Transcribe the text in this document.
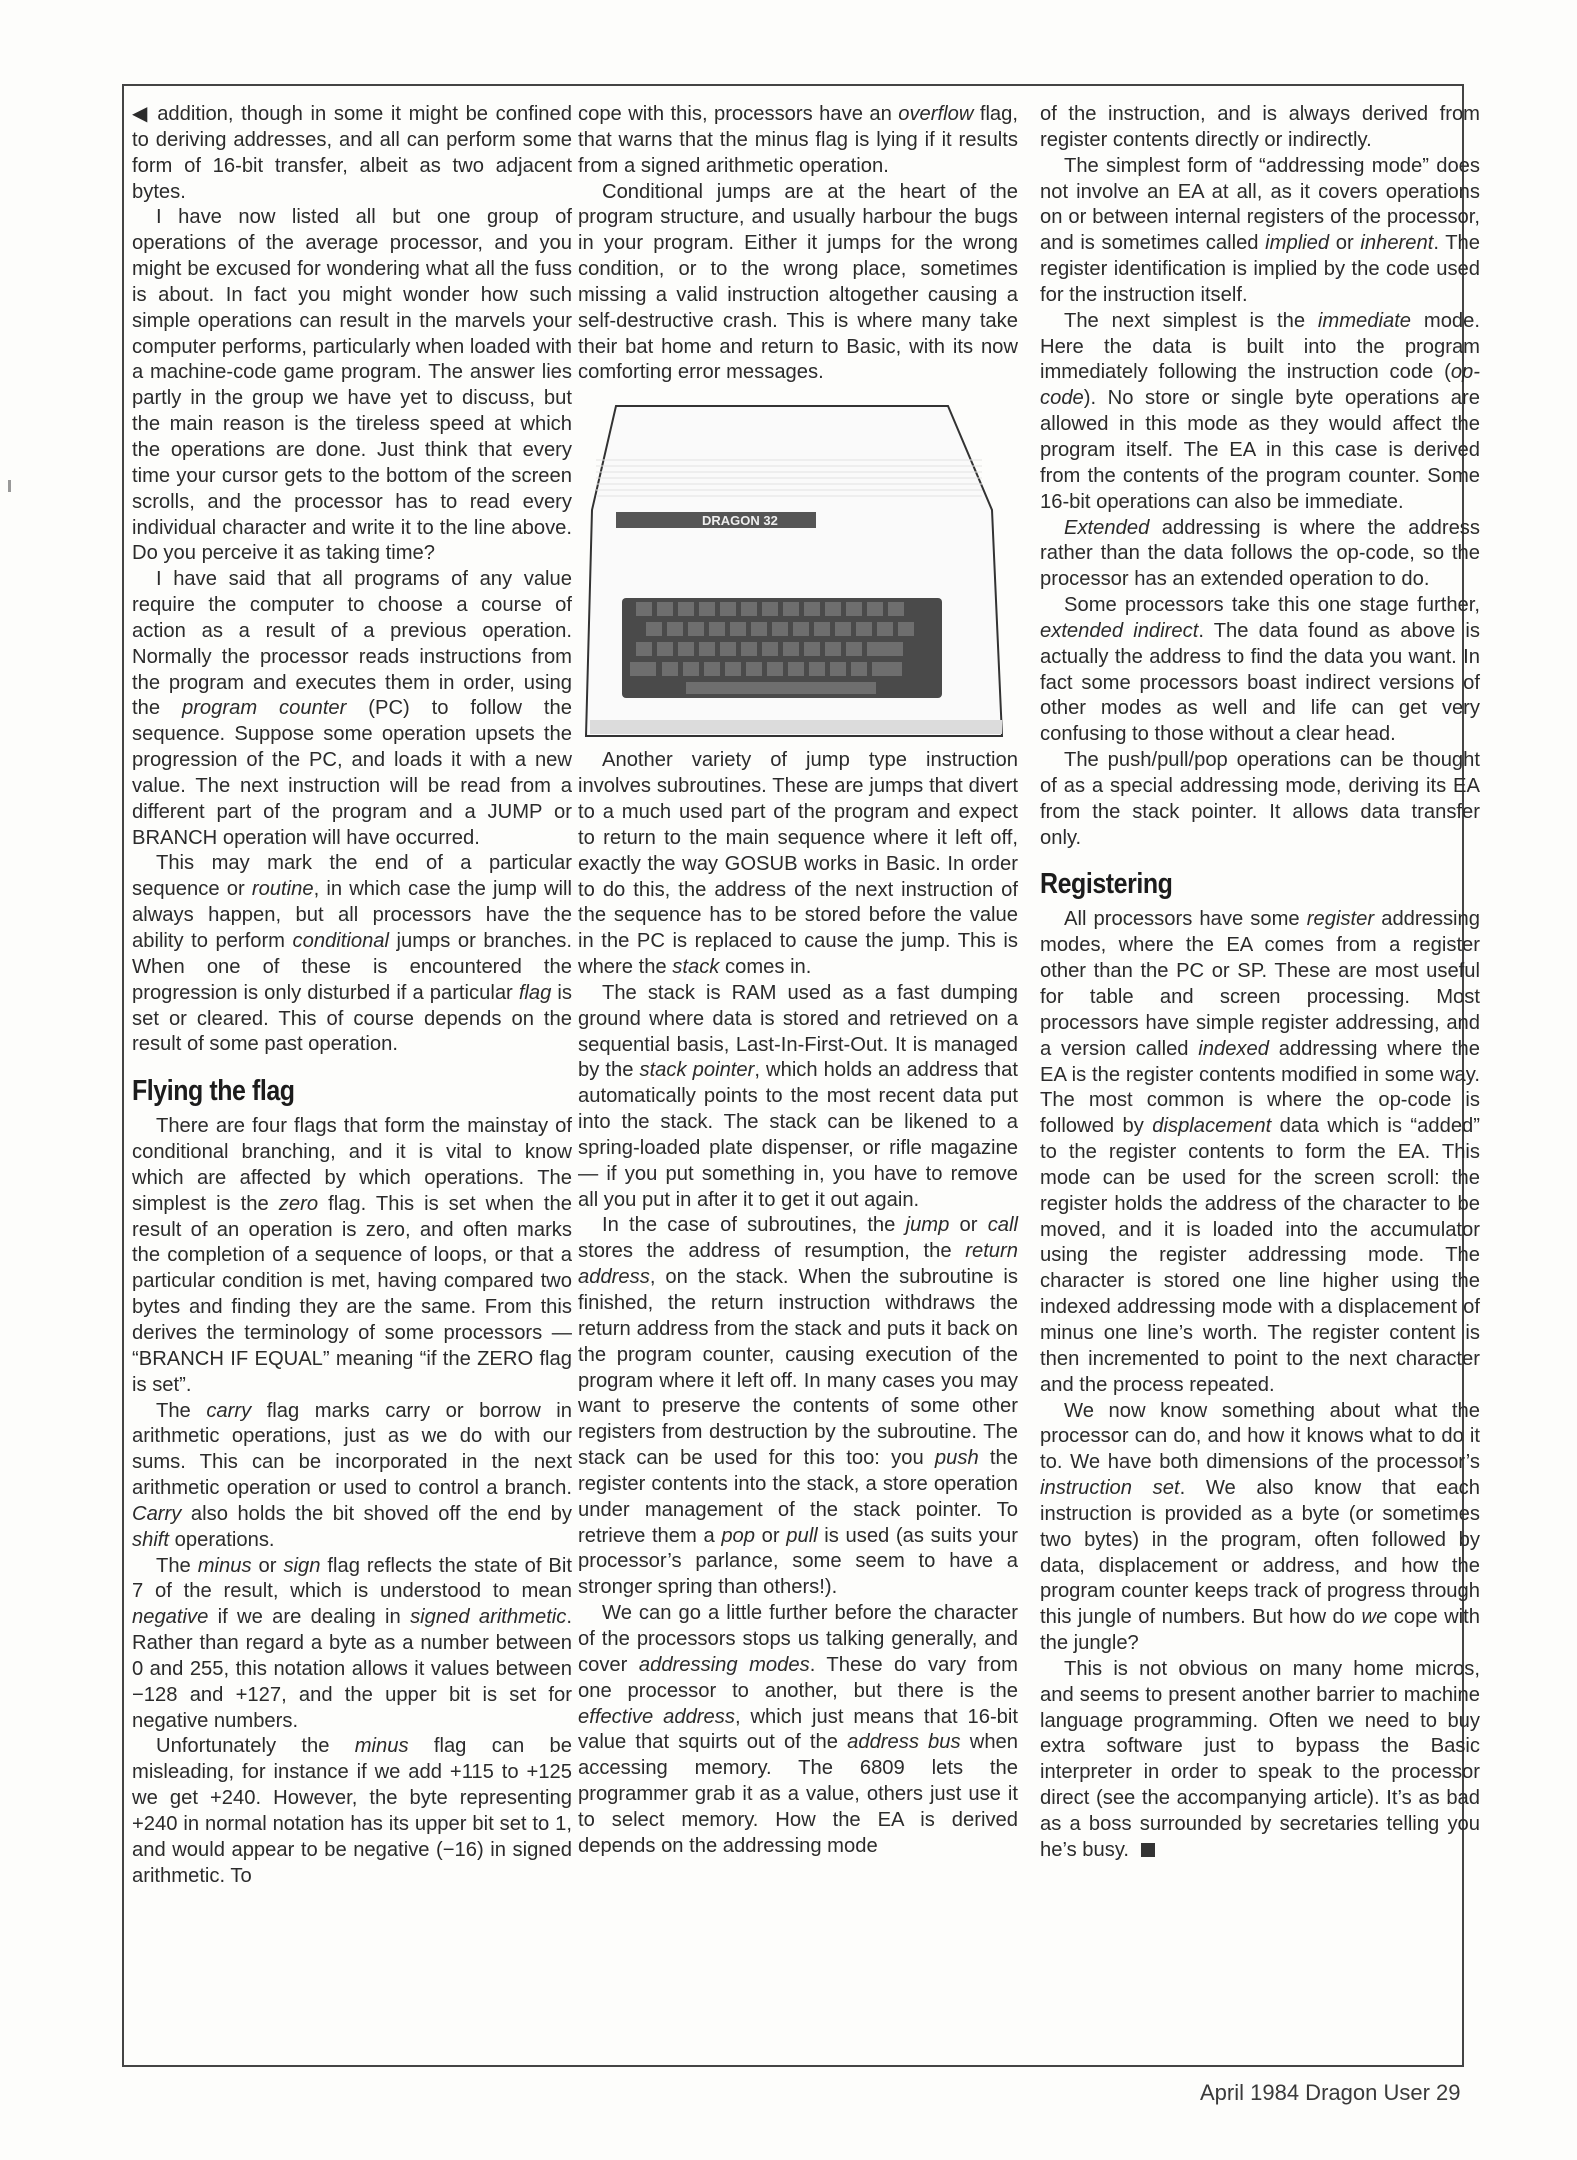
◀ addition, though in some it might be confined to deriving addresses, and all can perform some form of 16-bit transfer, albeit as two adjacent bytes.

I have now listed all but one group of operations of the average processor, and you might be excused for wondering what all the fuss is about. In fact you might wonder how such simple operations can result in the marvels your computer performs, particularly when loaded with a machine-code game program. The answer lies partly in the group we have yet to discuss, but the main reason is the tireless speed at which the operations are done. Just think that every time your cursor gets to the bottom of the screen scrolls, and the processor has to read every individual character and write it to the line above. Do you perceive it as taking time?

I have said that all programs of any value require the computer to choose a course of action as a result of a previous operation. Normally the processor reads instructions from the program and executes them in order, using the program counter (PC) to follow the sequence. Suppose some operation upsets the progression of the PC, and loads it with a new value. The next instruction will be read from a different part of the program and a JUMP or BRANCH operation will have occurred.

This may mark the end of a particular sequence or routine, in which case the jump will always happen, but all processors have the ability to perform conditional jumps or branches. When one of these is encountered the progression is only disturbed if a particular flag is set or cleared. This of course depends on the result of some past operation.

Flying the flag

There are four flags that form the mainstay of conditional branching, and it is vital to know which are affected by which operations. The simplest is the zero flag. This is set when the result of an operation is zero, and often marks the completion of a sequence of loops, or that a particular condition is met, having compared two bytes and finding they are the same. From this derives the terminology of some processors — “BRANCH IF EQUAL” meaning “if the ZERO flag is set”.

The carry flag marks carry or borrow in arithmetic operations, just as we do with our sums. This can be incorporated in the next arithmetic operation or used to control a branch. Carry also holds the bit shoved off the end by shift operations.

The minus or sign flag reflects the state of Bit 7 of the result, which is understood to mean negative if we are dealing in signed arithmetic. Rather than regard a byte as a number between 0 and 255, this notation allows it values between −128 and +127, and the upper bit is set for negative numbers.

Unfortunately the minus flag can be misleading, for instance if we add +115 to +125 we get +240. However, the byte representing +240 in normal notation has its upper bit set to 1, and would appear to be negative (−16) in signed arithmetic. To

cope with this, processors have an overflow flag, that warns that the minus flag is lying if it results from a signed arithmetic operation.

Conditional jumps are at the heart of the program structure, and usually harbour the bugs in your program. Either it jumps for the wrong condition, or to the wrong place, sometimes missing a valid instruction altogether causing a self-destructive crash. This is where many take their bat home and return to Basic, with its now comforting error messages.

DRAGON 32

Another variety of jump type instruction involves subroutines. These are jumps that divert to a much used part of the program and expect to return to the main sequence where it left off, exactly the way GOSUB works in Basic. In order to do this, the address of the next instruction of the sequence has to be stored before the value in the PC is replaced to cause the jump. This is where the stack comes in.

The stack is RAM used as a fast dumping ground where data is stored and retrieved on a sequential basis, Last-In-First-Out. It is managed by the stack pointer, which holds an address that automatically points to the most recent data put into the stack. The stack can be likened to a spring-loaded plate dispenser, or rifle magazine — if you put something in, you have to remove all you put in after it to get it out again.

In the case of subroutines, the jump or call stores the address of resumption, the return address, on the stack. When the subroutine is finished, the return instruction withdraws the return address from the stack and puts it back on the program counter, causing execution of the program where it left off. In many cases you may want to preserve the contents of some other registers from destruction by the subroutine. The stack can be used for this too: you push the register contents into the stack, a store operation under management of the stack pointer. To retrieve them a pop or pull is used (as suits your processor’s parlance, some seem to have a stronger spring than others!).

We can go a little further before the character of the processors stops us talking generally, and cover addressing modes. These do vary from one processor to another, but there is the effective address, which just means that 16-bit value that squirts out of the address bus when accessing memory. The 6809 lets the programmer grab it as a value, others just use it to select memory. How the EA is derived depends on the addressing mode

of the instruction, and is always derived from register contents directly or indirectly.

The simplest form of “addressing mode” does not involve an EA at all, as it covers operations on or between internal registers of the processor, and is sometimes called implied or inherent. The register identification is implied by the code used for the instruction itself.

The next simplest is the immediate mode. Here the data is built into the program immediately following the instruction code (op-code). No store or single byte operations are allowed in this mode as they would affect the program itself. The EA in this case is derived from the contents of the program counter. Some 16-bit operations can also be immediate.

Extended addressing is where the address rather than the data follows the op-code, so the processor has an extended operation to do.

Some processors take this one stage further, extended indirect. The data found as above is actually the address to find the data you want. In fact some processors boast indirect versions of other modes as well and life can get very confusing to those without a clear head.

The push/pull/pop operations can be thought of as a special addressing mode, deriving its EA from the stack pointer. It allows data transfer only.

Registering

All processors have some register addressing modes, where the EA comes from a register other than the PC or SP. These are most useful for table and screen processing. Most processors have simple register addressing, and a version called indexed addressing where the EA is the register contents modified in some way. The most common is where the op-code is followed by displacement data which is “added” to the register contents to form the EA. This mode can be used for the screen scroll: the register holds the address of the character to be moved, and it is loaded into the accumulator using the register addressing mode. The character is stored one line higher using the indexed addressing mode with a displacement of minus one line’s worth. The register content is then incremented to point to the next character and the process repeated.

We now know something about what the processor can do, and how it knows what to do it to. We have both dimensions of the processor’s instruction set. We also know that each instruction is provided as a byte (or sometimes two bytes) in the program, often followed by data, displacement or address, and how the program counter keeps track of progress through this jungle of numbers. But how do we cope with the jungle?

This is not obvious on many home micros, and seems to present another barrier to machine language programming. Often we need to buy extra software just to bypass the Basic interpreter in order to speak to the processor direct (see the accompanying article). It’s as bad as a boss surrounded by secretaries telling you he’s busy.

April 1984 Dragon User 29
